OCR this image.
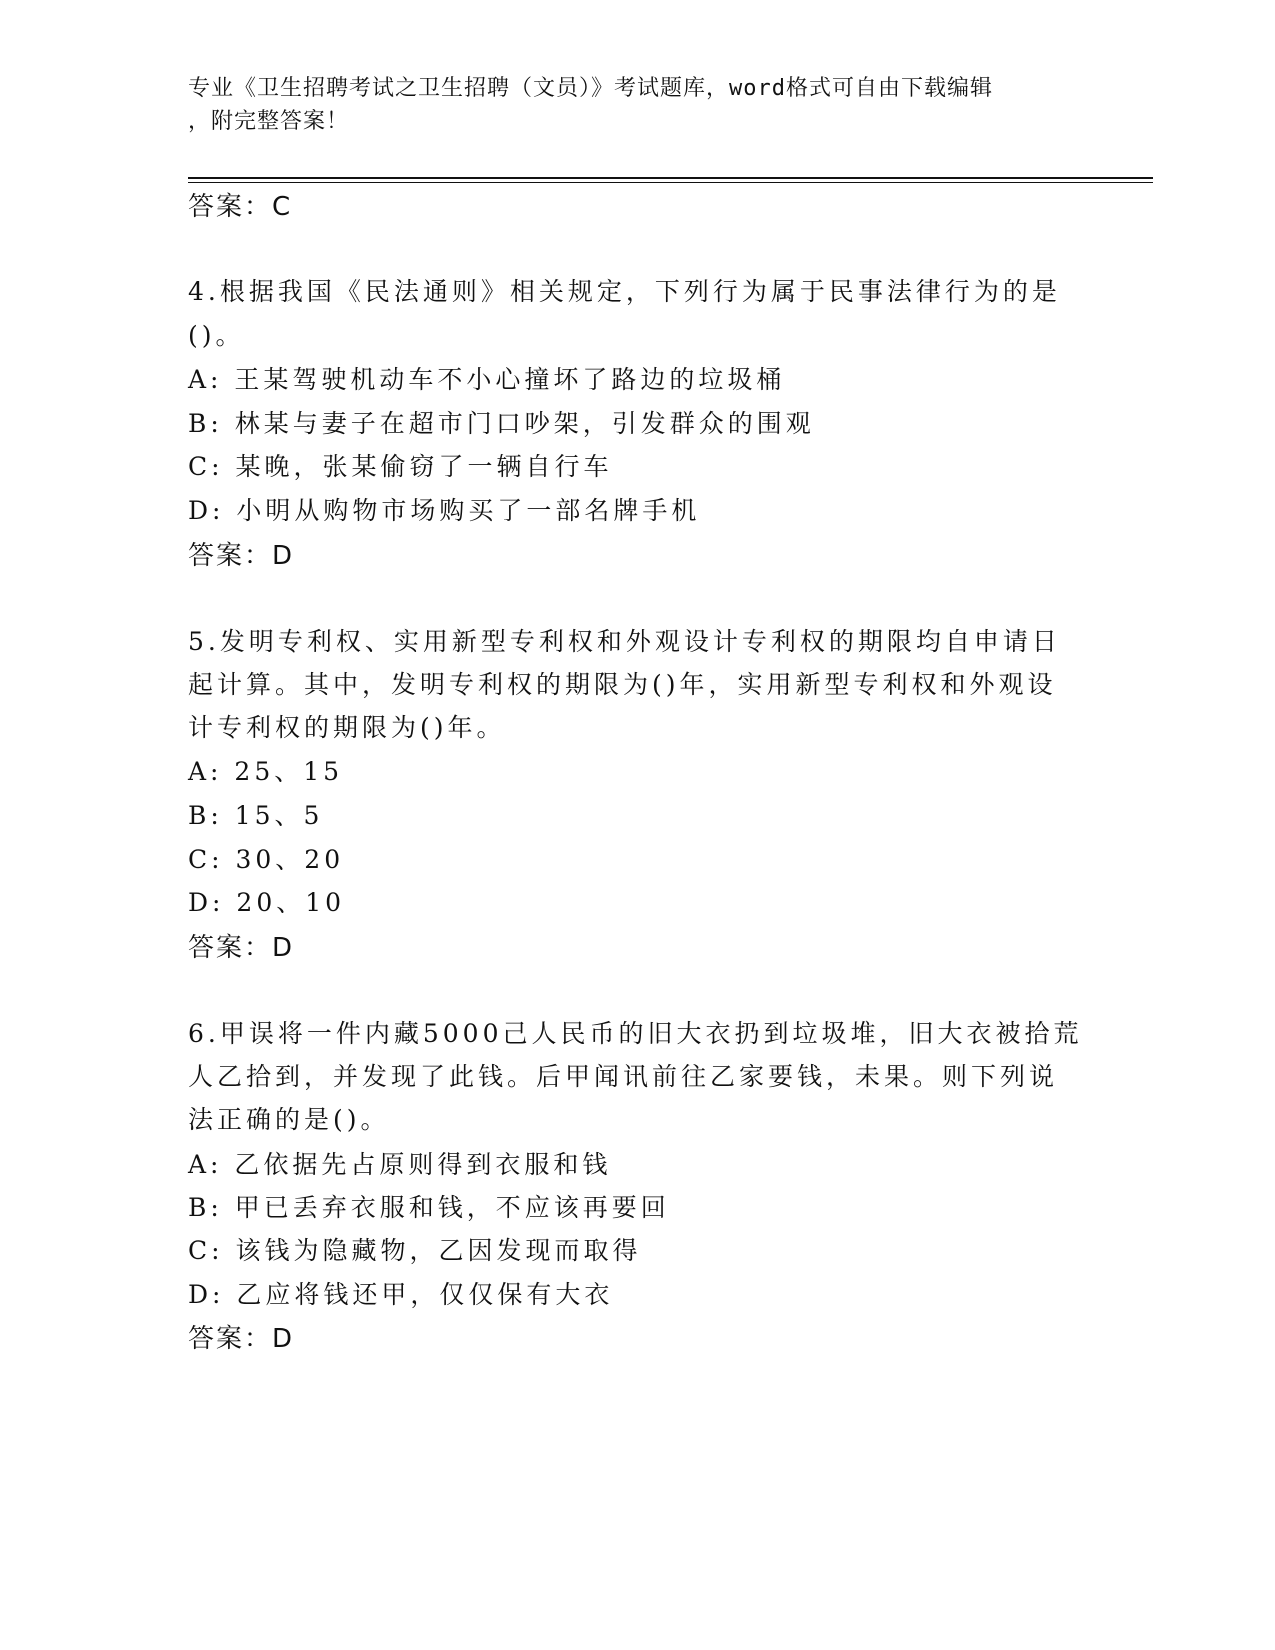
专业《卫生招聘考试之卫生招聘（文员）》考试题库，word格式可自由下载编辑
，附完整答案！
答案：C
4.根据我国《民法通则》相关规定，下列行为属于民事法律行为的是
()。
A: 王某驾驶机动车不小心撞坏了路边的垃圾桶
B: 林某与妻子在超市门口吵架，引发群众的围观
C: 某晚，张某偷窃了一辆自行车
D: 小明从购物市场购买了一部名牌手机
答案：D
5.发明专利权、实用新型专利权和外观设计专利权的期限均自申请日
起计算。其中，发明专利权的期限为()年，实用新型专利权和外观设
计专利权的期限为()年。
A: 25、15
B: 15、5
C: 30、20
D: 20、10
答案：D
6.甲误将一件内藏5000己人民币的旧大衣扔到垃圾堆，旧大衣被拾荒
人乙拾到，并发现了此钱。后甲闻讯前往乙家要钱，未果。则下列说
法正确的是()。
A: 乙依据先占原则得到衣服和钱
B: 甲已丢弃衣服和钱，不应该再要回
C: 该钱为隐藏物，乙因发现而取得
D: 乙应将钱还甲，仅仅保有大衣
答案：D
